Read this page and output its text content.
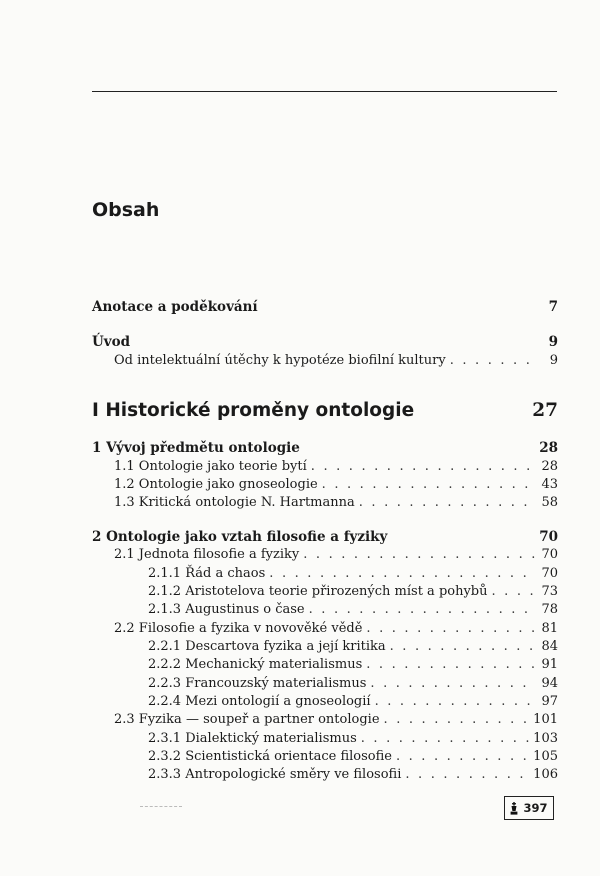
Obsah
Anotace a poděkování	7
Úvod	9
Od intelektuální útěchy k hypotéze biofilní kultury . . .	9
I Historické proměny ontologie	27
1 Vývoj předmětu ontologie	28
1.1 Ontologie jako teorie bytí . . .	28
1.2 Ontologie jako gnoseologie . . .	43
1.3 Kritická ontologie N. Hartmanna . . .	58
2 Ontologie jako vztah filosofie a fyziky	70
2.1 Jednota filosofie a fyziky . . .	70
2.1.1 Řád a chaos . . .	70
2.1.2 Aristotelova teorie přirozených míst a pohybů . . .	73
2.1.3 Augustinus o čase . . .	78
2.2 Filosofie a fyzika v novověké vědě . . .	81
2.2.1 Descartova fyzika a její kritika . . .	84
2.2.2 Mechanický materialismus . . .	91
2.2.3 Francouzský materialismus . . .	94
2.2.4 Mezi ontologií a gnoseologií . . .	97
2.3 Fyzika — soupeř a partner ontologie . . .	101
2.3.1 Dialektický materialismus . . .	103
2.3.2 Scientistická orientace filosofie . . .	105
2.3.3 Antropologické směry ve filosofii . . .	106
397
